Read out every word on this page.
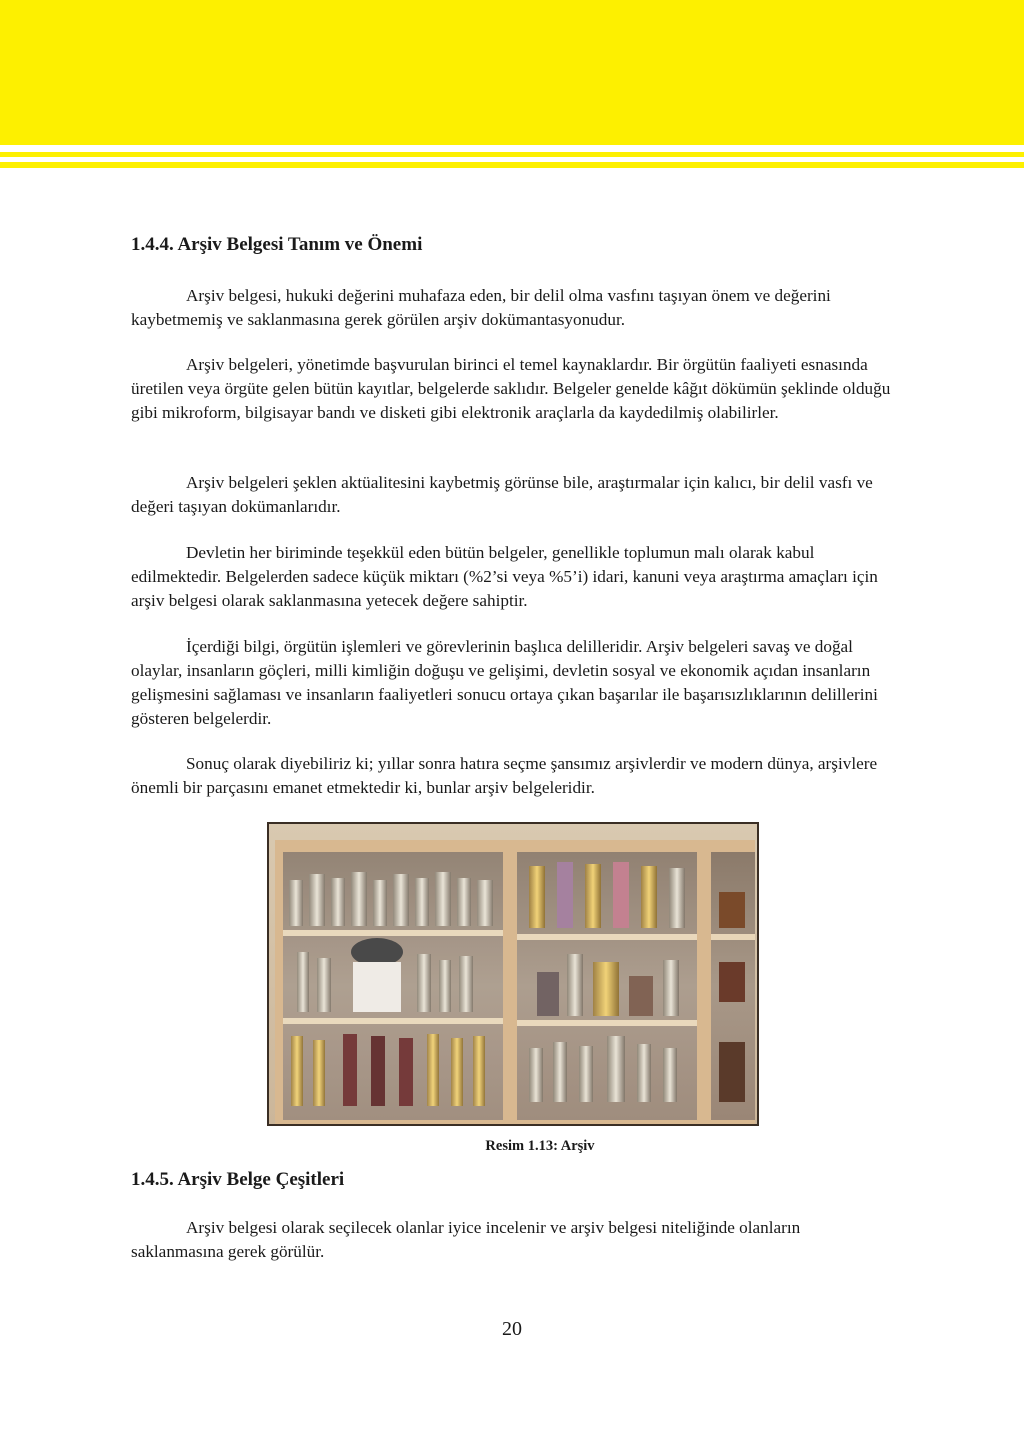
1.4.4. Arşiv Belgesi Tanım ve Önemi

Arşiv belgesi, hukuki değerini muhafaza eden, bir delil olma vasfını taşıyan önem ve değerini kaybetmemiş ve saklanmasına gerek görülen arşiv dokümantasyonudur.

Arşiv belgeleri, yönetimde başvurulan birinci el temel kaynaklardır. Bir örgütün faaliyeti esnasında üretilen veya örgüte gelen bütün kayıtlar, belgelerde saklıdır. Belgeler genelde kâğıt dökümün şeklinde olduğu gibi mikroform, bilgisayar bandı ve disketi gibi elektronik araçlarla da kaydedilmiş olabilirler.

Arşiv belgeleri şeklen aktüalitesini kaybetmiş görünse bile, araştırmalar için kalıcı, bir delil vasfı ve değeri taşıyan dokümanlarıdır.

Devletin her biriminde teşekkül eden bütün belgeler, genellikle toplumun malı olarak kabul edilmektedir. Belgelerden sadece küçük miktarı (%2’si veya %5’i) idari, kanuni veya araştırma amaçları için arşiv belgesi olarak saklanmasına yetecek değere sahiptir.

İçerdiği bilgi, örgütün işlemleri ve görevlerinin başlıca delilleridir. Arşiv belgeleri savaş ve doğal olaylar, insanların göçleri, milli kimliğin doğuşu ve gelişimi, devletin sosyal ve ekonomik açıdan insanların gelişmesini sağlaması ve insanların faaliyetleri sonucu ortaya çıkan başarılar ile başarısızlıklarının delillerini gösteren belgelerdir.

Sonuç olarak diyebiliriz ki; yıllar sonra hatıra seçme şansımız arşivlerdir ve modern dünya, arşivlere önemli bir parçasını emanet etmektedir ki, bunlar arşiv belgeleridir.

Resim 1.13: Arşiv
1.4.5. Arşiv Belge Çeşitleri

Arşiv belgesi olarak seçilecek olanlar iyice incelenir ve arşiv belgesi niteliğinde olanların saklanmasına gerek görülür.

20
